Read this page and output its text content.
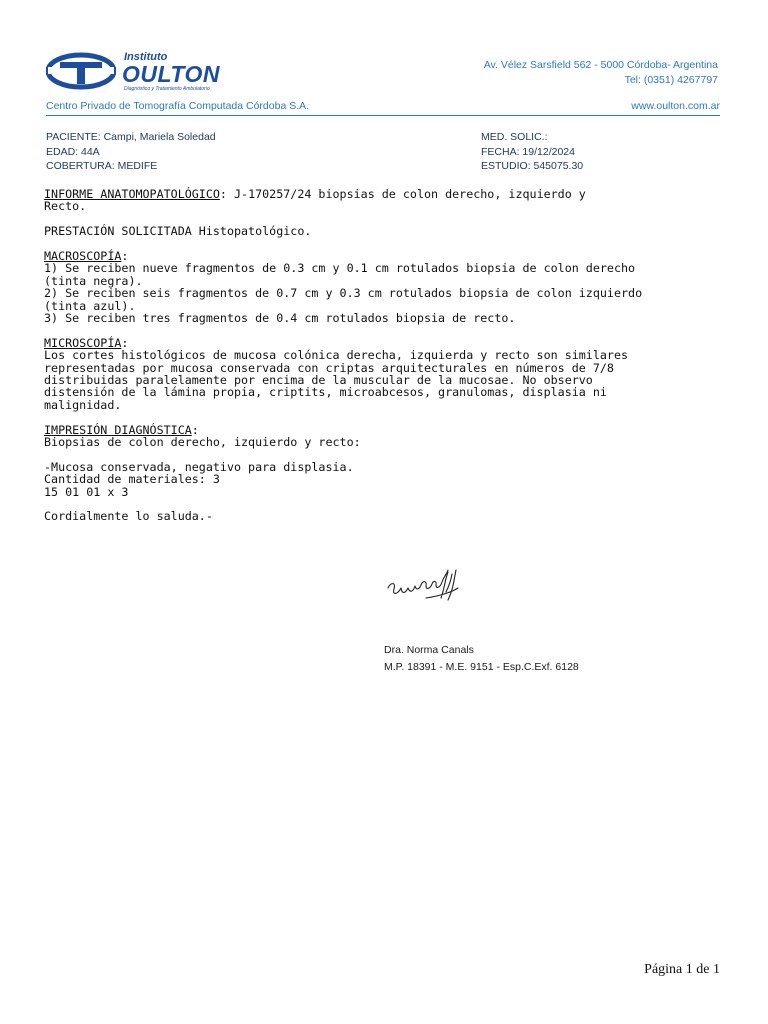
Instituto
OULTON
Diagnóstico y Tratamiento Ambulatorio
Av. Vélez Sarsfield 562 - 5000 Córdoba- Argentina
Tel: (0351) 4267797
Centro Privado de Tomografía Computada Córdoba S.A.	www.oulton.com.ar
PACIENTE: Campi, Mariela Soledad
EDAD: 44A
COBERTURA: MEDIFE
MED. SOLIC.:
FECHA: 19/12/2024
ESTUDIO: 545075.30

INFORME ANATOMOPATOLÓGICO: J-170257/24 biopsias de colon derecho, izquierdo y

Recto.

PRESTACIÓN SOLICITADA Histopatológico.

MACROSCOPÍA:

1) Se reciben nueve fragmentos de 0.3 cm y 0.1 cm rotulados biopsia de colon derecho

(tinta negra).

2) Se reciben seis fragmentos de 0.7 cm y 0.3 cm rotulados biopsia de colon izquierdo

(tinta azul).

3) Se reciben tres fragmentos de 0.4 cm rotulados biopsia de recto.

MICROSCOPÍA:

Los cortes histológicos de mucosa colónica derecha, izquierda y recto son similares

representadas por mucosa conservada con criptas arquitecturales en números de 7/8

distribuidas paralelamente por encima de la muscular de la mucosae. No observo

distensión de la lámina propia, criptits, microabcesos, granulomas, displasia ni

malignidad.

IMPRESIÓN DIAGNÓSTICA:

Biopsias de colon derecho, izquierdo y recto:

-Mucosa conservada, negativo para displasia.

Cantidad de materiales: 3

15 01 01 x 3

Cordialmente lo saluda.-

Dra. Norma Canals
M.P. 18391 - M.E. 9151 - Esp.C.Exf. 6128
Página 1 de 1
